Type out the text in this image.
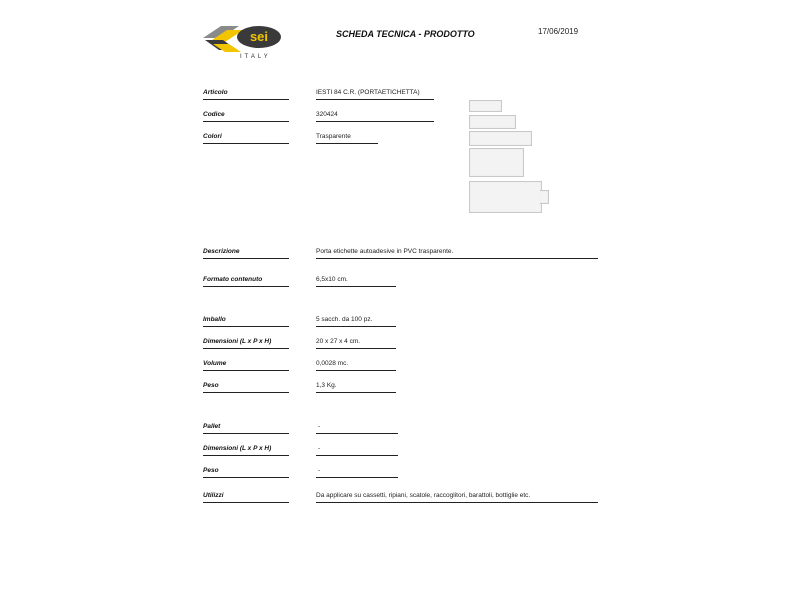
sei
ITALY
SCHEDA TECNICA - PRODOTTO	17/06/2019
Articolo	IESTI 84 C.R. (PORTAETICHETTA)
Codice	320424
Colori	Trasparente
Descrizione	Porta etichette autoadesive in PVC trasparente.
Formato contenuto	6,5x10 cm.
Imballo	5 sacch. da 100 pz.
Dimensioni (L x P x H)	20 x 27 x 4 cm.
Volume	0,0028 mc.
Peso	1,3 Kg.
Pallet	-
Dimensioni (L x P x H)	-
Peso	-
Utilizzi	Da applicare su cassetti, ripiani, scatole, raccoglitori, barattoli, bottiglie etc.
